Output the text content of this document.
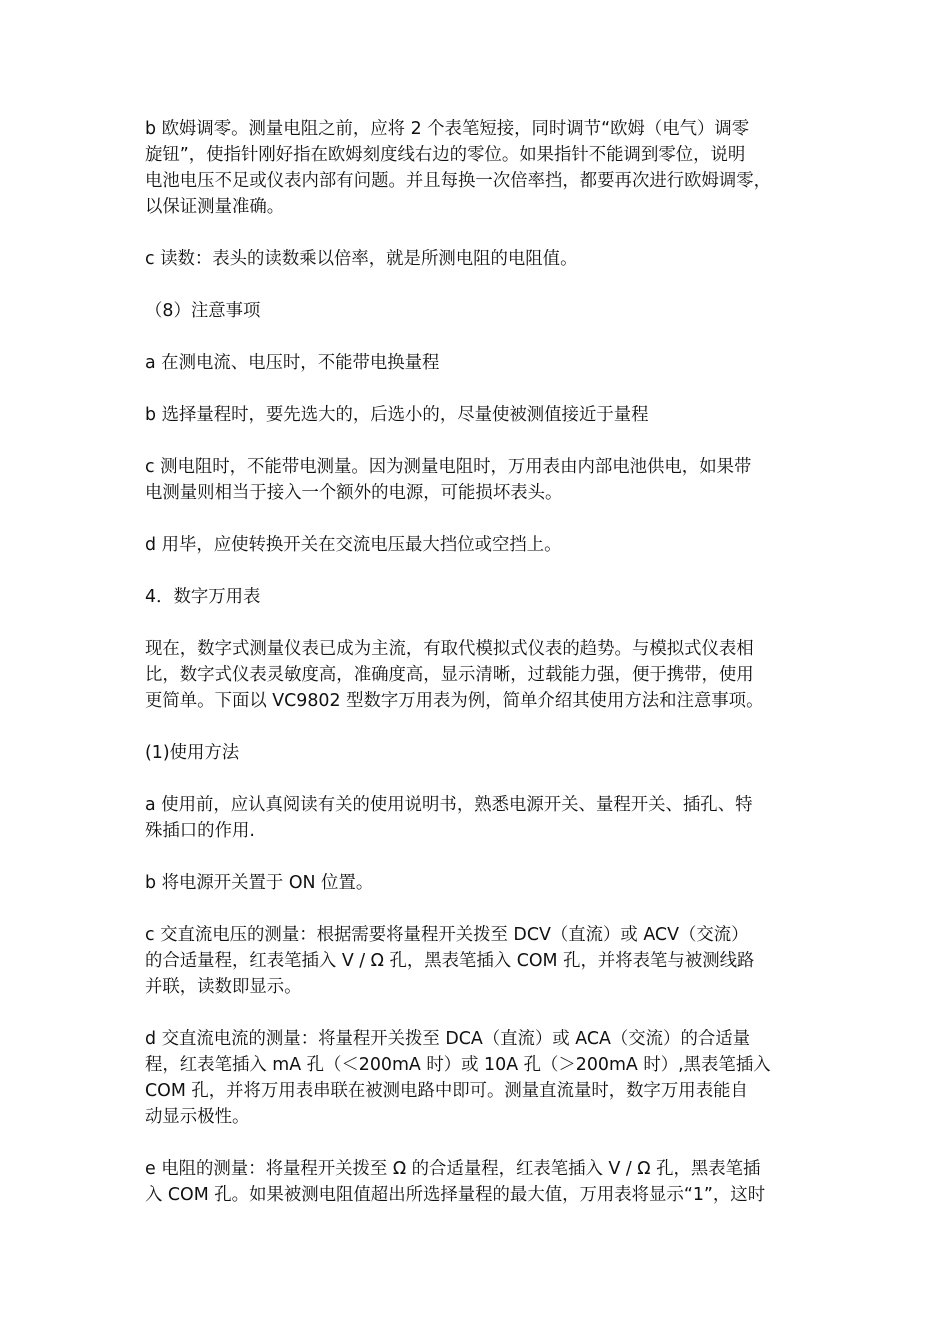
b 欧姆调零。测量电阻之前，应将 2 个表笔短接，同时调节“欧姆（电气）调零
旋钮”，使指针刚好指在欧姆刻度线右边的零位。如果指针不能调到零位，说明
电池电压不足或仪表内部有问题。并且每换一次倍率挡，都要再次进行欧姆调零，
以保证测量准确。

c 读数：表头的读数乘以倍率，就是所测电阻的电阻值。

（8）注意事项

a 在测电流、电压时，不能带电换量程

b 选择量程时，要先选大的，后选小的，尽量使被测值接近于量程

c 测电阻时，不能带电测量。因为测量电阻时，万用表由内部电池供电，如果带
电测量则相当于接入一个额外的电源，可能损坏表头。

d 用毕，应使转换开关在交流电压最大挡位或空挡上。

4．数字万用表

现在，数字式测量仪表已成为主流，有取代模拟式仪表的趋势。与模拟式仪表相
比，数字式仪表灵敏度高，准确度高，显示清晰，过载能力强，便于携带，使用
更简单。下面以 VC9802 型数字万用表为例，简单介绍其使用方法和注意事项。

(1)使用方法

a 使用前，应认真阅读有关的使用说明书，熟悉电源开关、量程开关、插孔、特
殊插口的作用.

b 将电源开关置于 ON 位置。

c 交直流电压的测量：根据需要将量程开关拨至 DCV（直流）或 ACV（交流）
的合适量程，红表笔插入 V / Ω 孔，黑表笔插入 COM 孔，并将表笔与被测线路
并联，读数即显示。

d 交直流电流的测量：将量程开关拨至 DCA（直流）或 ACA（交流）的合适量
程，红表笔插入 mA 孔（＜200mA 时）或 10A 孔（＞200mA 时）,黑表笔插入
COM 孔，并将万用表串联在被测电路中即可。测量直流量时，数字万用表能自
动显示极性。

e 电阻的测量：将量程开关拨至 Ω 的合适量程，红表笔插入 V / Ω 孔，黑表笔插
入 COM 孔。如果被测电阻值超出所选择量程的最大值，万用表将显示“1”，这时
